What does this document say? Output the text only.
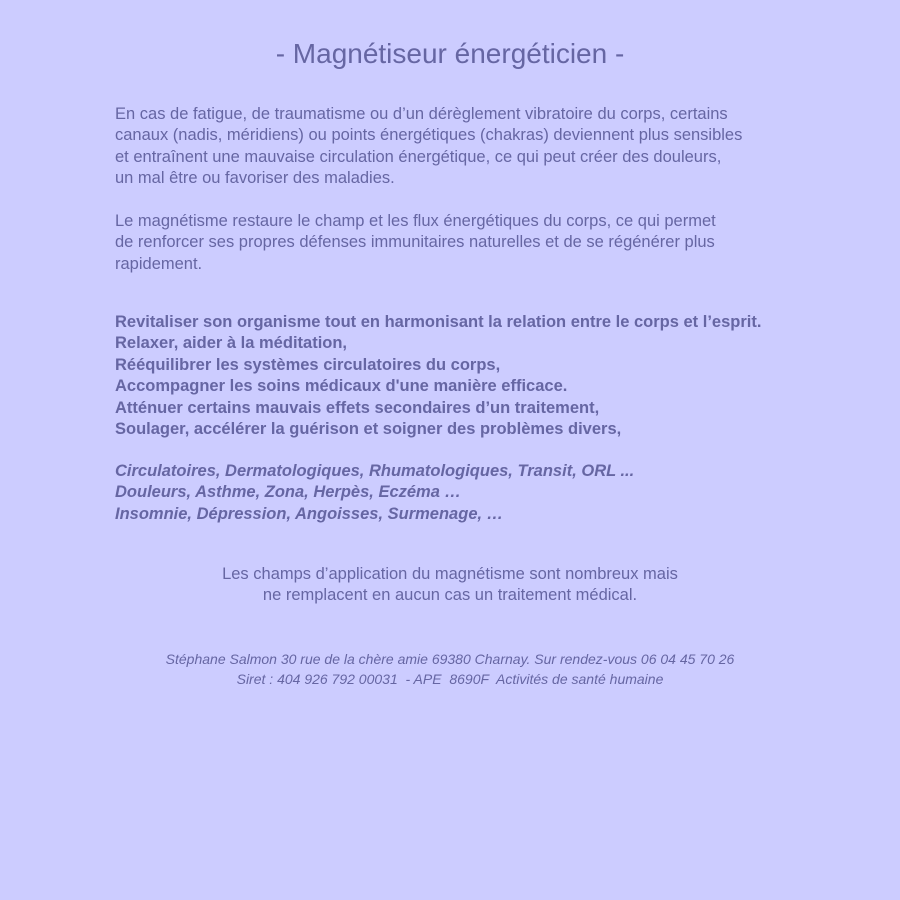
- Magnétiseur énergéticien -
En cas de fatigue, de traumatisme ou d’un dérèglement vibratoire du corps, certains
canaux (nadis, méridiens) ou points énergétiques (chakras) deviennent plus sensibles
et entraînent une mauvaise circulation énergétique, ce qui peut créer des douleurs,
un mal être ou favoriser des maladies.
Le magnétisme restaure le champ et les flux énergétiques du corps, ce qui permet
de renforcer ses propres défenses immunitaires naturelles et de se régénérer plus
rapidement.
Revitaliser son organisme tout en harmonisant la relation entre le corps et l’esprit.
Relaxer, aider à la méditation,
Rééquilibrer les systèmes circulatoires du corps,
Accompagner les soins médicaux d'une manière efficace.
Atténuer certains mauvais effets secondaires d’un traitement,
Soulager, accélérer la guérison et soigner des problèmes divers,
Circulatoires, Dermatologiques, Rhumatologiques, Transit, ORL ...
Douleurs, Asthme, Zona, Herpès, Eczéma …
Insomnie, Dépression, Angoisses, Surmenage, …
Les champs d’application du magnétisme sont nombreux mais
ne remplacent en aucun cas un traitement médical.
Stéphane Salmon 30 rue de la chère amie 69380 Charnay. Sur rendez-vous 06 04 45 70 26
Siret : 404 926 792 00031  - APE  8690F  Activités de santé humaine
